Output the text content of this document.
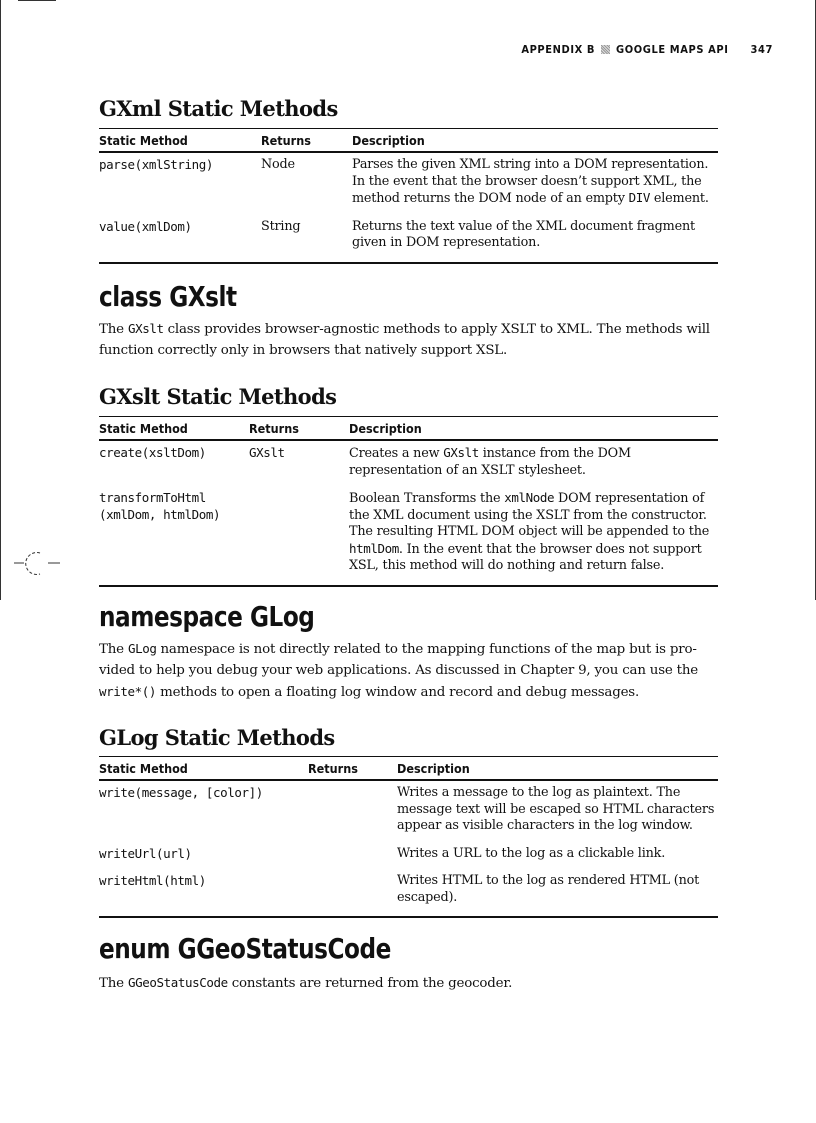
APPENDIX B GOOGLE MAPS API 347
GXml Static Methods
Static Method	Returns	Description
parse(xmlString)	Node	Parses the given XML string into a DOM representation. In the event that the browser doesn’t support XML, the method returns the DOM node of an empty DIV element.
value(xmlDom)	String	Returns the text value of the XML document fragment given in DOM representation.
class GXslt

The GXslt class provides browser-agnostic methods to apply XSLT to XML. The methods will function correctly only in browsers that natively support XSL.

GXslt Static Methods
Static Method	Returns	Description
create(xsltDom)	GXslt	Creates a new GXslt instance from the DOM representation of an XSLT stylesheet.
transformToHtml (xmlDom, htmlDom)		Boolean Transforms the xmlNode DOM representation of the XML document using the XSLT from the constructor. The resulting HTML DOM object will be appended to the htmlDom. In the event that the browser does not support XSL, this method will do nothing and return false.
namespace GLog

The GLog namespace is not directly related to the mapping functions of the map but is pro-vided to help you debug your web applications. As discussed in Chapter 9, you can use the write*() methods to open a floating log window and record and debug messages.

GLog Static Methods
Static Method	Returns	Description
write(message, [color])		Writes a message to the log as plaintext. The message text will be escaped so HTML characters appear as visible characters in the log window.
writeUrl(url)		Writes a URL to the log as a clickable link.
writeHtml(html)		Writes HTML to the log as rendered HTML (not escaped).
enum GGeoStatusCode

The GGeoStatusCode constants are returned from the geocoder.
